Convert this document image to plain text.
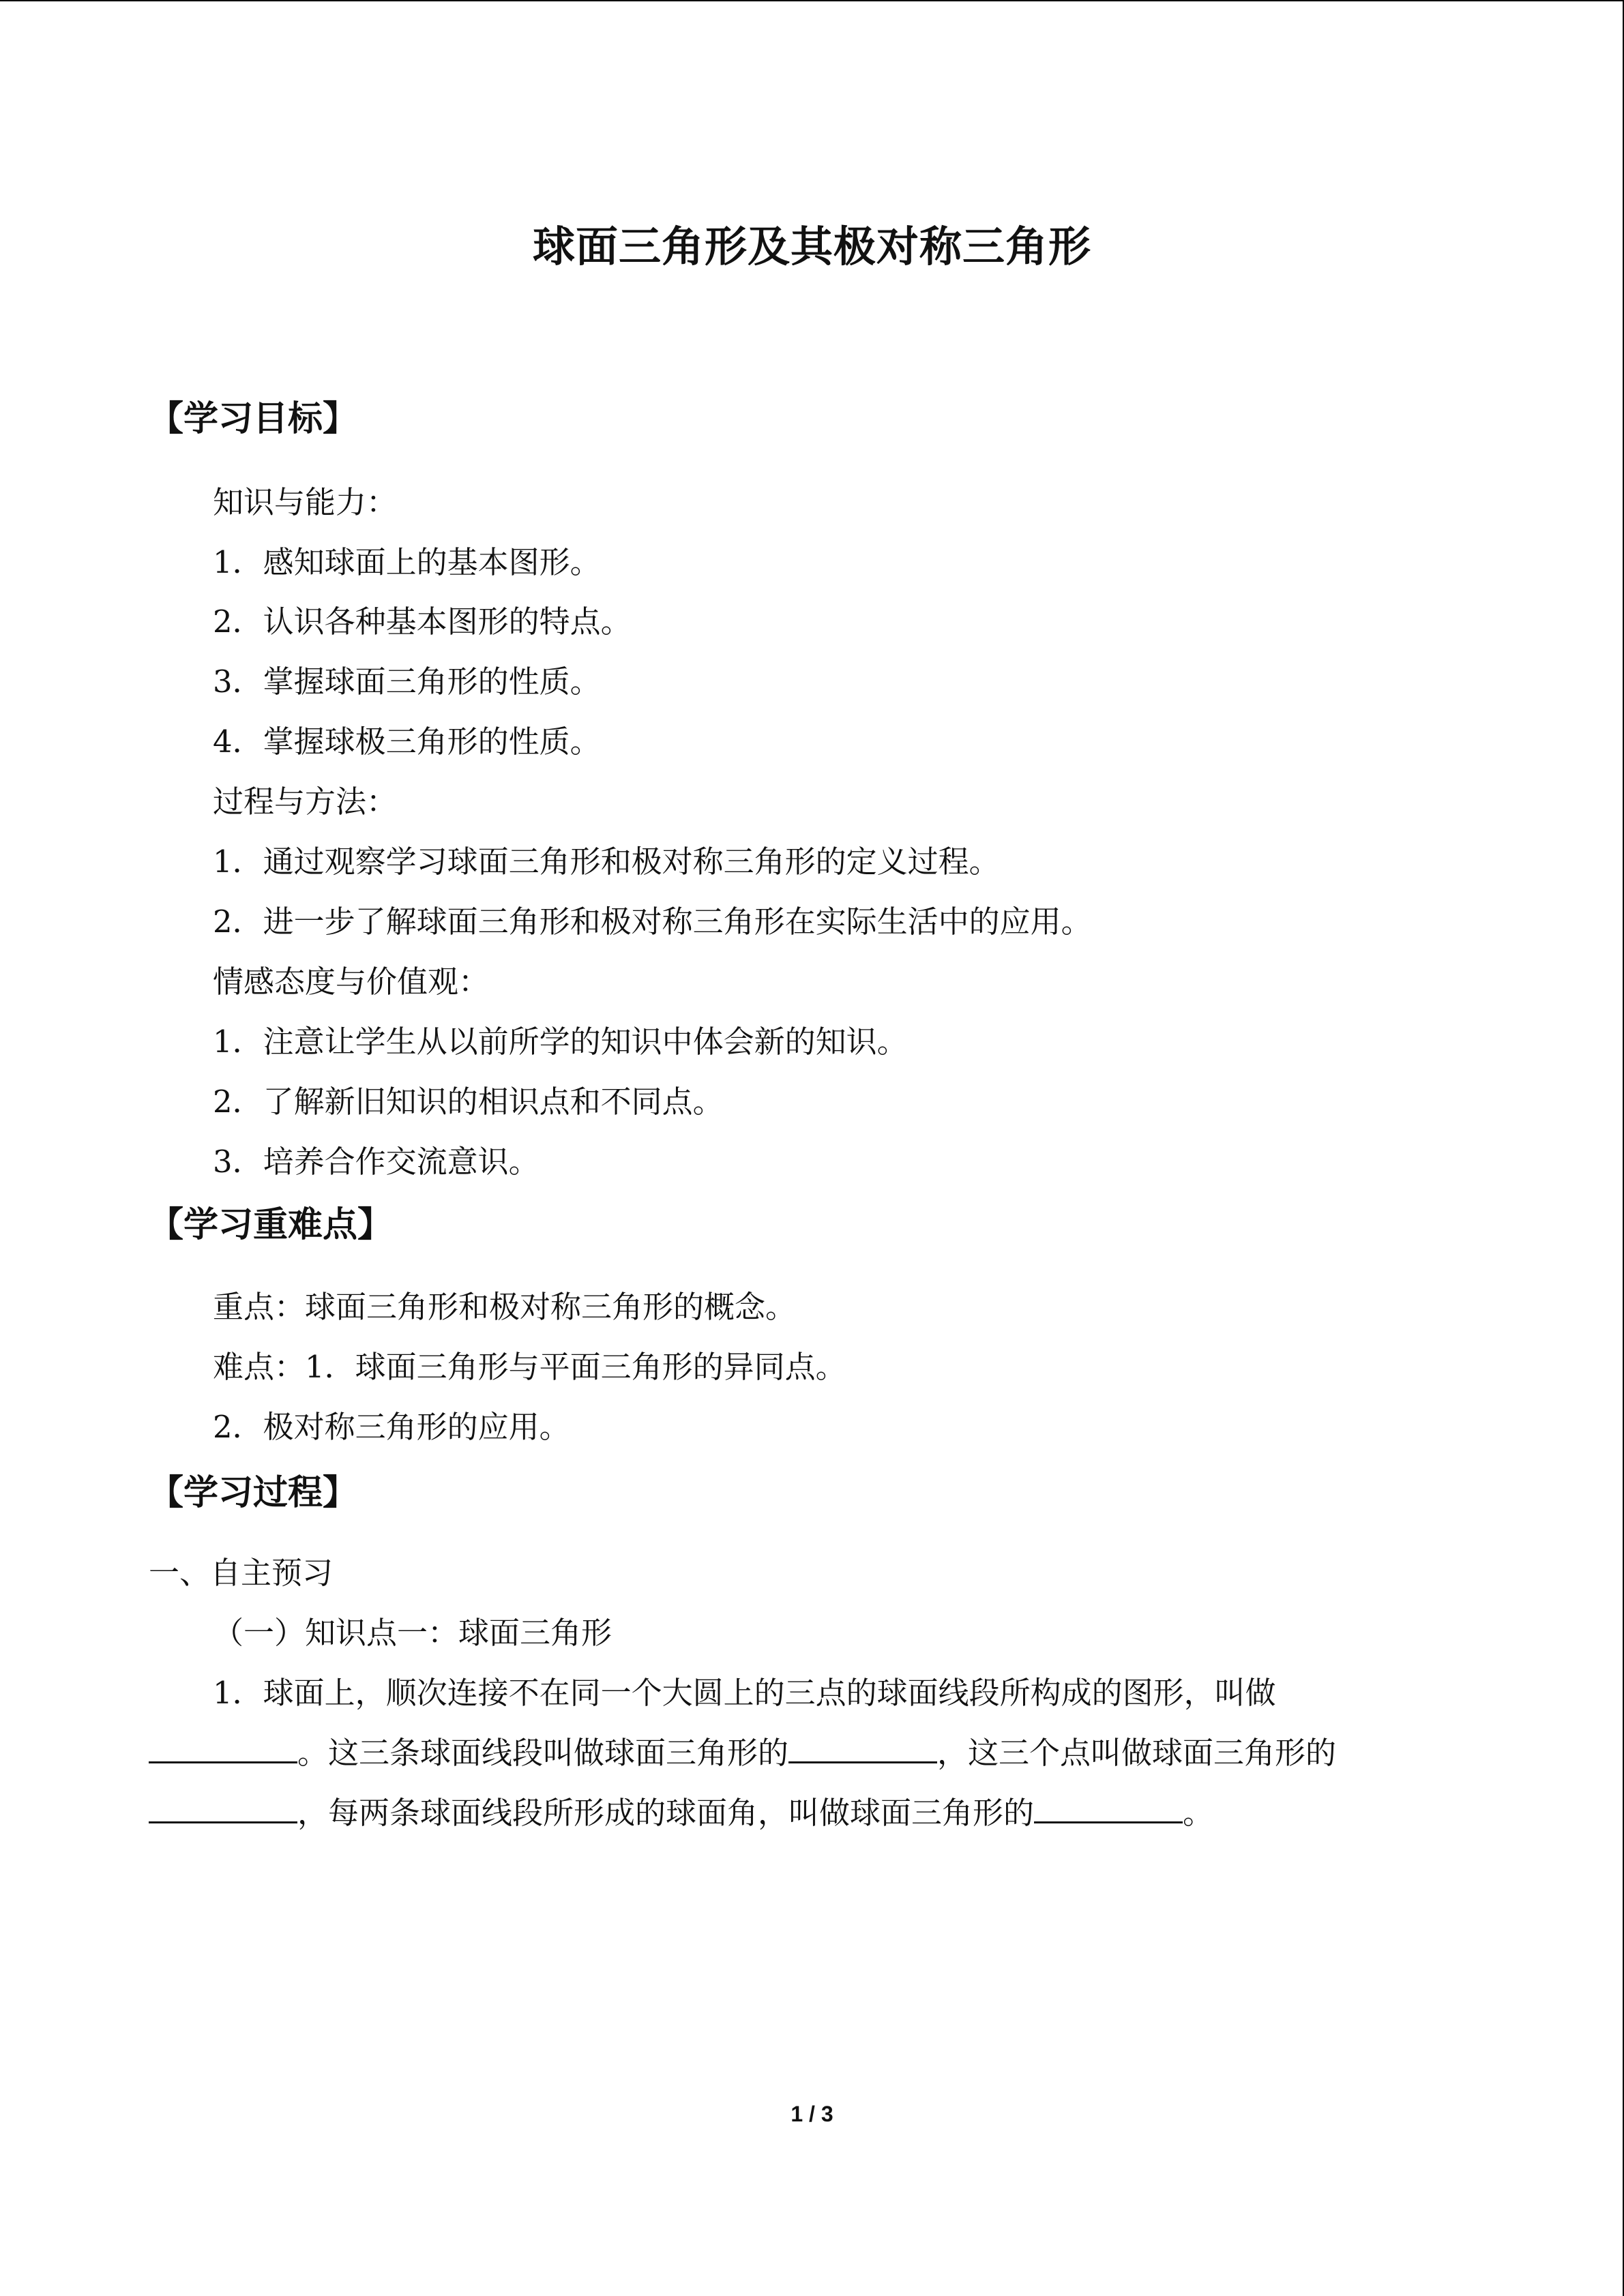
球面三角形及其极对称三角形
【学习目标】
知识与能力：
1．感知球面上的基本图形。
2．认识各种基本图形的特点。
3．掌握球面三角形的性质。
4．掌握球极三角形的性质。
过程与方法：
1．通过观察学习球面三角形和极对称三角形的定义过程。
2．进一步了解球面三角形和极对称三角形在实际生活中的应用。
情感态度与价值观：
1．注意让学生从以前所学的知识中体会新的知识。
2．了解新旧知识的相识点和不同点。
3．培养合作交流意识。
【学习重难点】
重点：球面三角形和极对称三角形的概念。
难点：1．球面三角形与平面三角形的异同点。
2．极对称三角形的应用。
【学习过程】
一、自主预习
（一）知识点一：球面三角形
1．球面上，顺次连接不在同一个大圆上的三点的球面线段所构成的图形，叫做
。这三条球面线段叫做球面三角形的	，这三个点叫做球面三角形的
，每两条球面线段所形成的球面角，叫做球面三角形的	。
1 / 3
